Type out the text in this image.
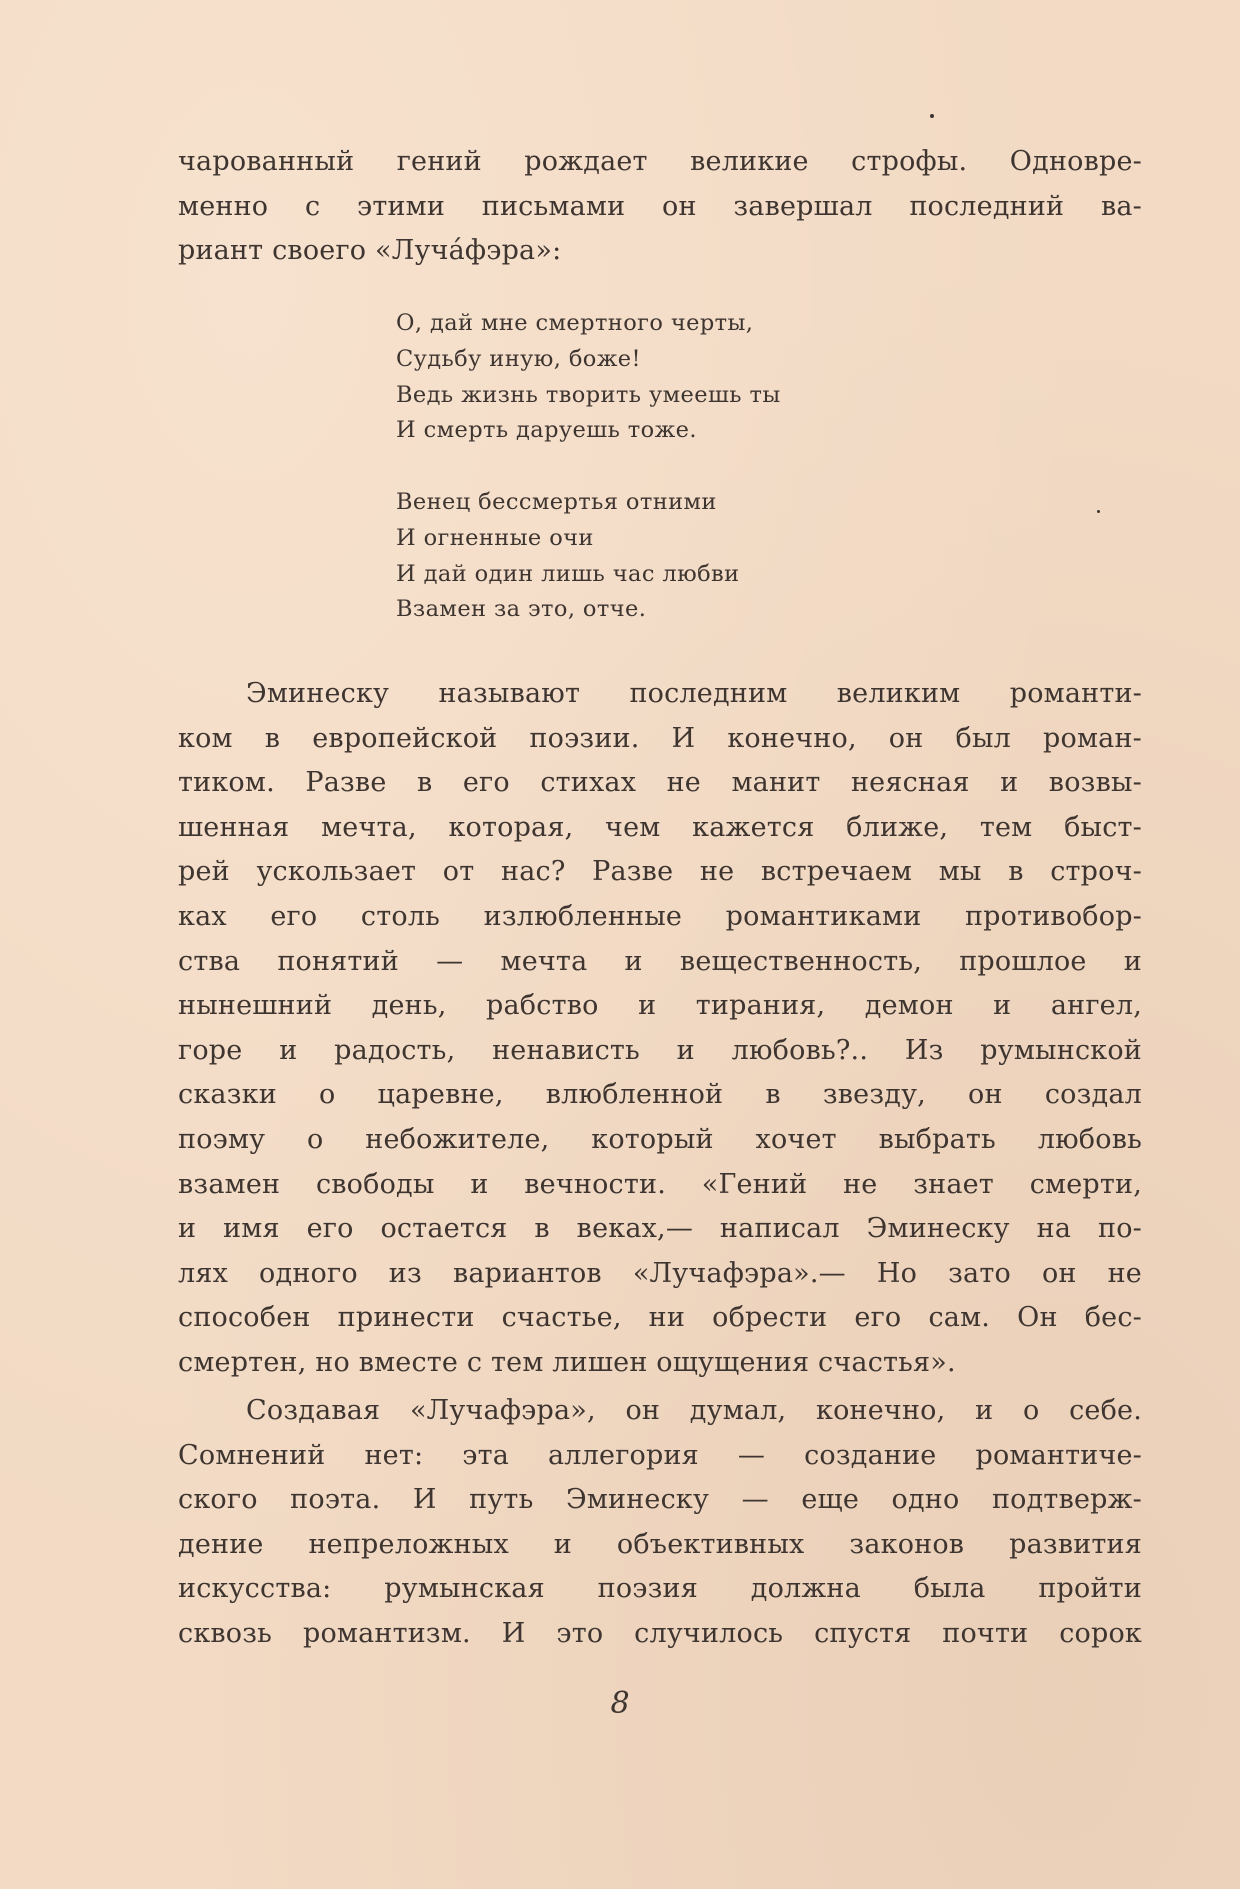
чарованный гений рождает великие строфы. Одновре-
менно с этими письмами он завершал последний ва-
риант своего «Лучáфэра»:
О, дай мне смертного черты,
Судьбу иную, боже!
Ведь жизнь творить умеешь ты
И смерть даруешь тоже.
Венец бессмертья отними
И огненные очи
И дай один лишь час любви
Взамен за это, отче.
Эминеску называют последним великим романти-
ком в европейской поэзии. И конечно, он был роман-
тиком. Разве в его стихах не манит неясная и возвы-
шенная мечта, которая, чем кажется ближе, тем быст-
рей ускользает от нас? Разве не встречаем мы в строч-
ках его столь излюбленные романтиками противобор-
ства понятий — мечта и вещественность, прошлое и
нынешний день, рабство и тирания, демон и ангел,
горе и радость, ненависть и любовь?.. Из румынской
сказки о царевне, влюбленной в звезду, он создал
поэму о небожителе, который хочет выбрать любовь
взамен свободы и вечности. «Гений не знает смерти,
и имя его остается в веках,— написал Эминеску на по-
лях одного из вариантов «Лучафэра».— Но зато он не
способен принести счастье, ни обрести его сам. Он бес-
смертен, но вместе с тем лишен ощущения счастья».
Создавая «Лучафэра», он думал, конечно, и о себе.
Сомнений нет: эта аллегория — создание романтиче-
ского поэта. И путь Эминеску — еще одно подтверж-
дение непреложных и объективных законов развития
искусства: румынская поэзия должна была пройти
сквозь романтизм. И это случилось спустя почти сорок
8
